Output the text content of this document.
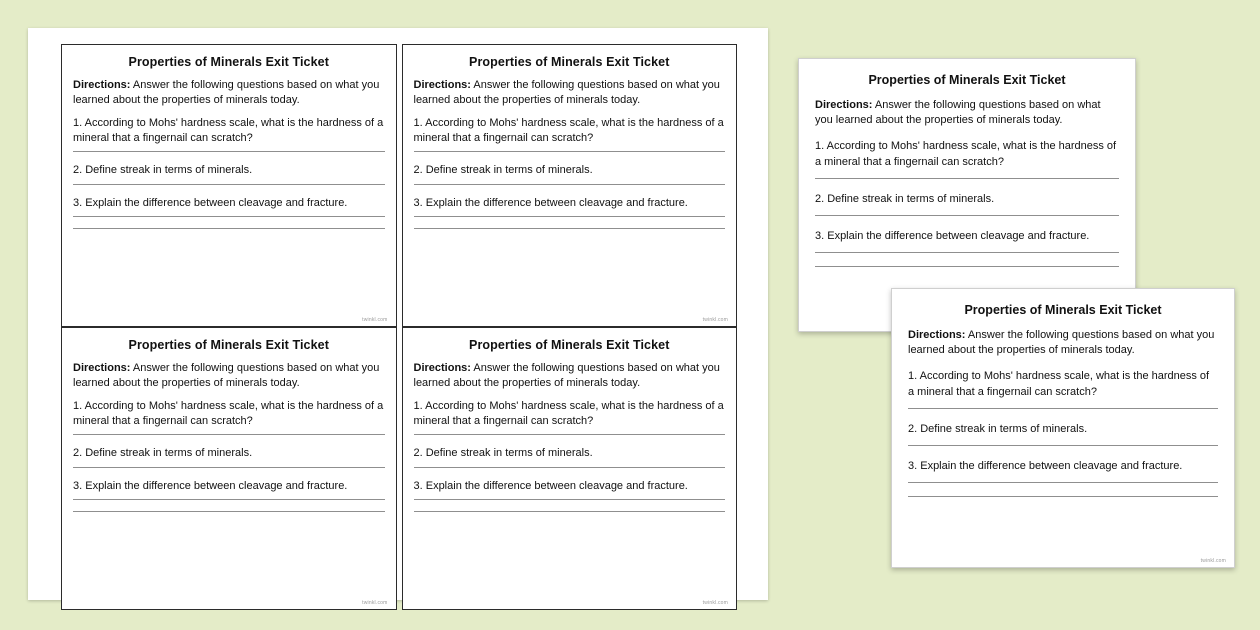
Properties of Minerals Exit Ticket
Directions: Answer the following questions based on what you learned about the properties of minerals today.
1. According to Mohs' hardness scale, what is the hardness of a mineral that a fingernail can scratch?
2. Define streak in terms of minerals.
3. Explain the difference between cleavage and fracture.
twinkl.com
Properties of Minerals Exit Ticket
Directions: Answer the following questions based on what you learned about the properties of minerals today.
1. According to Mohs' hardness scale, what is the hardness of a mineral that a fingernail can scratch?
2. Define streak in terms of minerals.
3. Explain the difference between cleavage and fracture.
twinkl.com
Properties of Minerals Exit Ticket
Directions: Answer the following questions based on what you learned about the properties of minerals today.
1. According to Mohs' hardness scale, what is the hardness of a mineral that a fingernail can scratch?
2. Define streak in terms of minerals.
3. Explain the difference between cleavage and fracture.
twinkl.com
Properties of Minerals Exit Ticket
Directions: Answer the following questions based on what you learned about the properties of minerals today.
1. According to Mohs' hardness scale, what is the hardness of a mineral that a fingernail can scratch?
2. Define streak in terms of minerals.
3. Explain the difference between cleavage and fracture.
twinkl.com
Properties of Minerals Exit Ticket
Directions: Answer the following questions based on what you learned about the properties of minerals today.
1. According to Mohs' hardness scale, what is the hardness of a mineral that a fingernail can scratch?
2. Define streak in terms of minerals.
3. Explain the difference between cleavage and fracture.
Properties of Minerals Exit Ticket
Directions: Answer the following questions based on what you learned about the properties of minerals today.
1. According to Mohs' hardness scale, what is the hardness of a mineral that a fingernail can scratch?
2. Define streak in terms of minerals.
3. Explain the difference between cleavage and fracture.
twinkl.com
